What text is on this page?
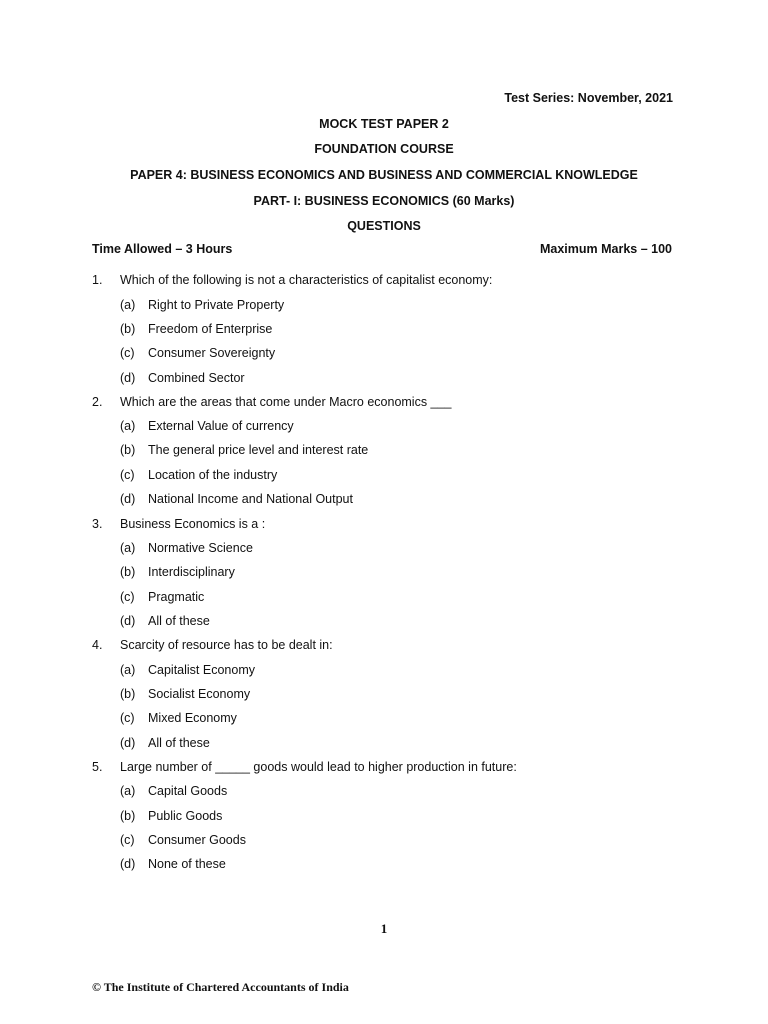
Test Series: November, 2021
MOCK TEST PAPER 2
FOUNDATION COURSE
PAPER 4: BUSINESS ECONOMICS AND BUSINESS AND COMMERCIAL KNOWLEDGE
PART- I: BUSINESS ECONOMICS (60 Marks)
QUESTIONS
Time Allowed – 3 Hours	Maximum Marks – 100
1. Which of the following is not a characteristics of capitalist economy:
(a) Right to Private Property
(b) Freedom of Enterprise
(c) Consumer Sovereignty
(d) Combined Sector
2. Which are the areas that come under Macro economics ___
(a) External Value of currency
(b) The general price level and interest rate
(c) Location of the industry
(d) National Income and National Output
3. Business Economics is a :
(a) Normative Science
(b) Interdisciplinary
(c) Pragmatic
(d) All of these
4. Scarcity of resource has to be dealt in:
(a) Capitalist Economy
(b) Socialist Economy
(c) Mixed Economy
(d) All of these
5. Large number of _____ goods would lead to higher production in future:
(a) Capital Goods
(b) Public Goods
(c) Consumer Goods
(d) None of these
1
© The Institute of Chartered Accountants of India
